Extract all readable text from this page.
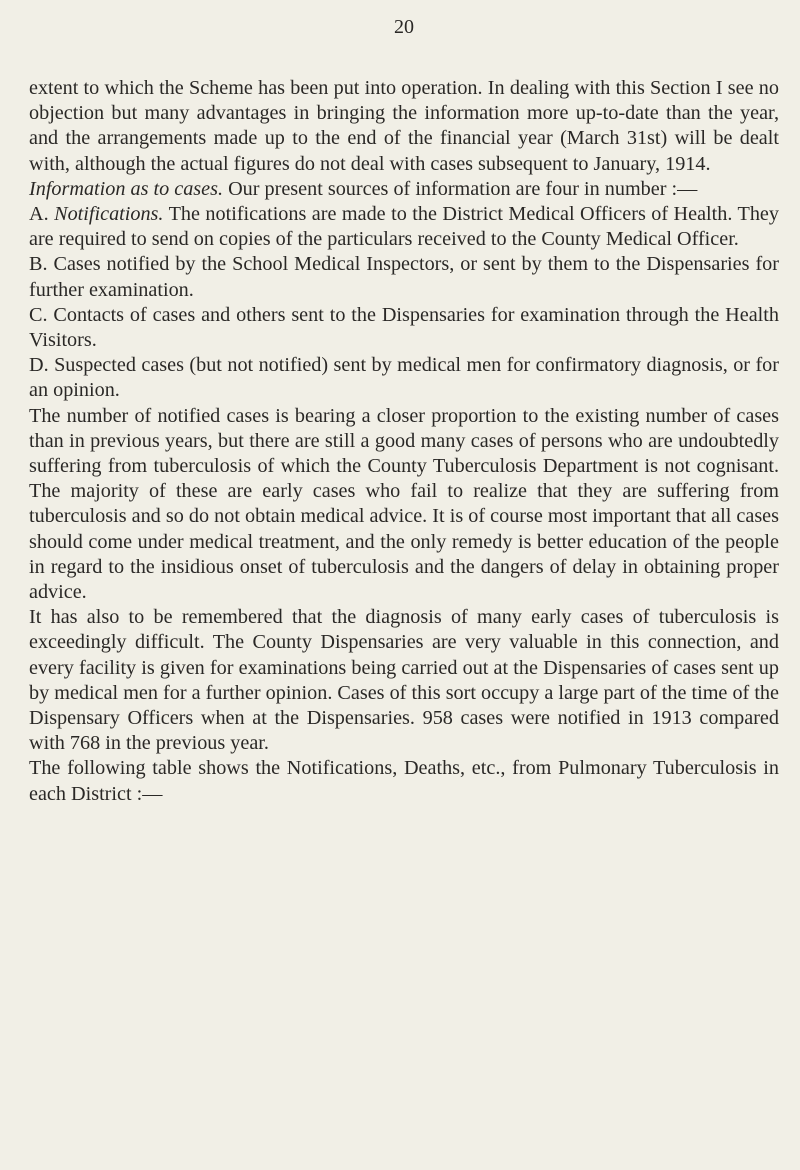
20

extent to which the Scheme has been put into operation. In dealing with this Section I see no objection but many advantages in bringing the information more up-to-date than the year, and the arrangements made up to the end of the financial year (March 31st) will be dealt with, although the actual figures do not deal with cases subsequent to January, 1914.

Information as to cases. Our present sources of information are four in number :—

A. Notifications. The notifications are made to the District Medical Officers of Health. They are required to send on copies of the particulars received to the County Medical Officer.

B. Cases notified by the School Medical Inspectors, or sent by them to the Dispensaries for further examination.

C. Contacts of cases and others sent to the Dispensaries for examination through the Health Visitors.

D. Suspected cases (but not notified) sent by medical men for confirmatory diagnosis, or for an opinion.

The number of notified cases is bearing a closer proportion to the existing number of cases than in previous years, but there are still a good many cases of persons who are undoubtedly suffering from tuberculosis of which the County Tuberculosis Department is not cognisant. The majority of these are early cases who fail to realize that they are suffering from tuberculosis and so do not obtain medical advice. It is of course most important that all cases should come under medical treatment, and the only remedy is better education of the people in regard to the insidious onset of tuberculosis and the dangers of delay in obtaining proper advice.

It has also to be remembered that the diagnosis of many early cases of tuberculosis is exceedingly difficult. The County Dispensaries are very valuable in this connection, and every facility is given for examinations being carried out at the Dispensaries of cases sent up by medical men for a further opinion. Cases of this sort occupy a large part of the time of the Dispensary Officers when at the Dispensaries. 958 cases were notified in 1913 compared with 768 in the previous year.

The following table shows the Notifications, Deaths, etc., from Pulmonary Tuberculosis in each District :—
